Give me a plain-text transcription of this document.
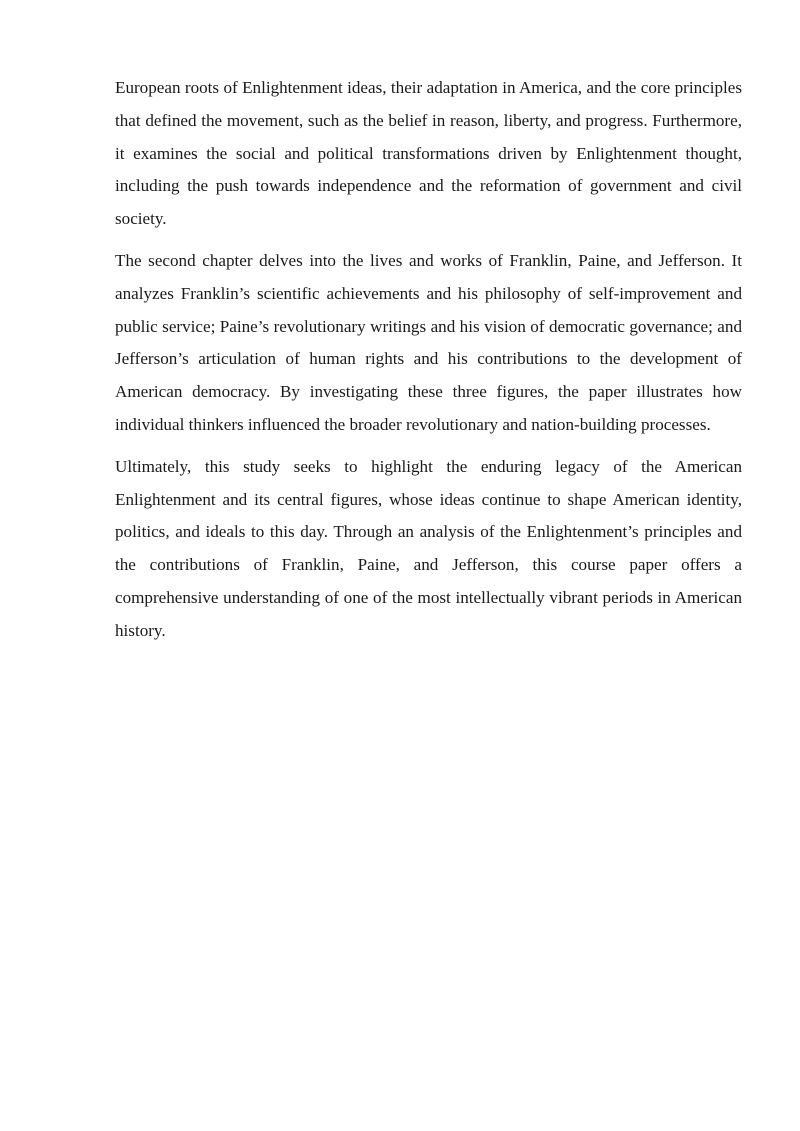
European roots of Enlightenment ideas, their adaptation in America, and the core principles that defined the movement, such as the belief in reason, liberty, and progress. Furthermore, it examines the social and political transformations driven by Enlightenment thought, including the push towards independence and the reformation of government and civil society.

The second chapter delves into the lives and works of Franklin, Paine, and Jefferson. It analyzes Franklin’s scientific achievements and his philosophy of self-improvement and public service; Paine’s revolutionary writings and his vision of democratic governance; and Jefferson’s articulation of human rights and his contributions to the development of American democracy. By investigating these three figures, the paper illustrates how individual thinkers influenced the broader revolutionary and nation-building processes.

Ultimately, this study seeks to highlight the enduring legacy of the American Enlightenment and its central figures, whose ideas continue to shape American identity, politics, and ideals to this day. Through an analysis of the Enlightenment’s principles and the contributions of Franklin, Paine, and Jefferson, this course paper offers a comprehensive understanding of one of the most intellectually vibrant periods in American history.
